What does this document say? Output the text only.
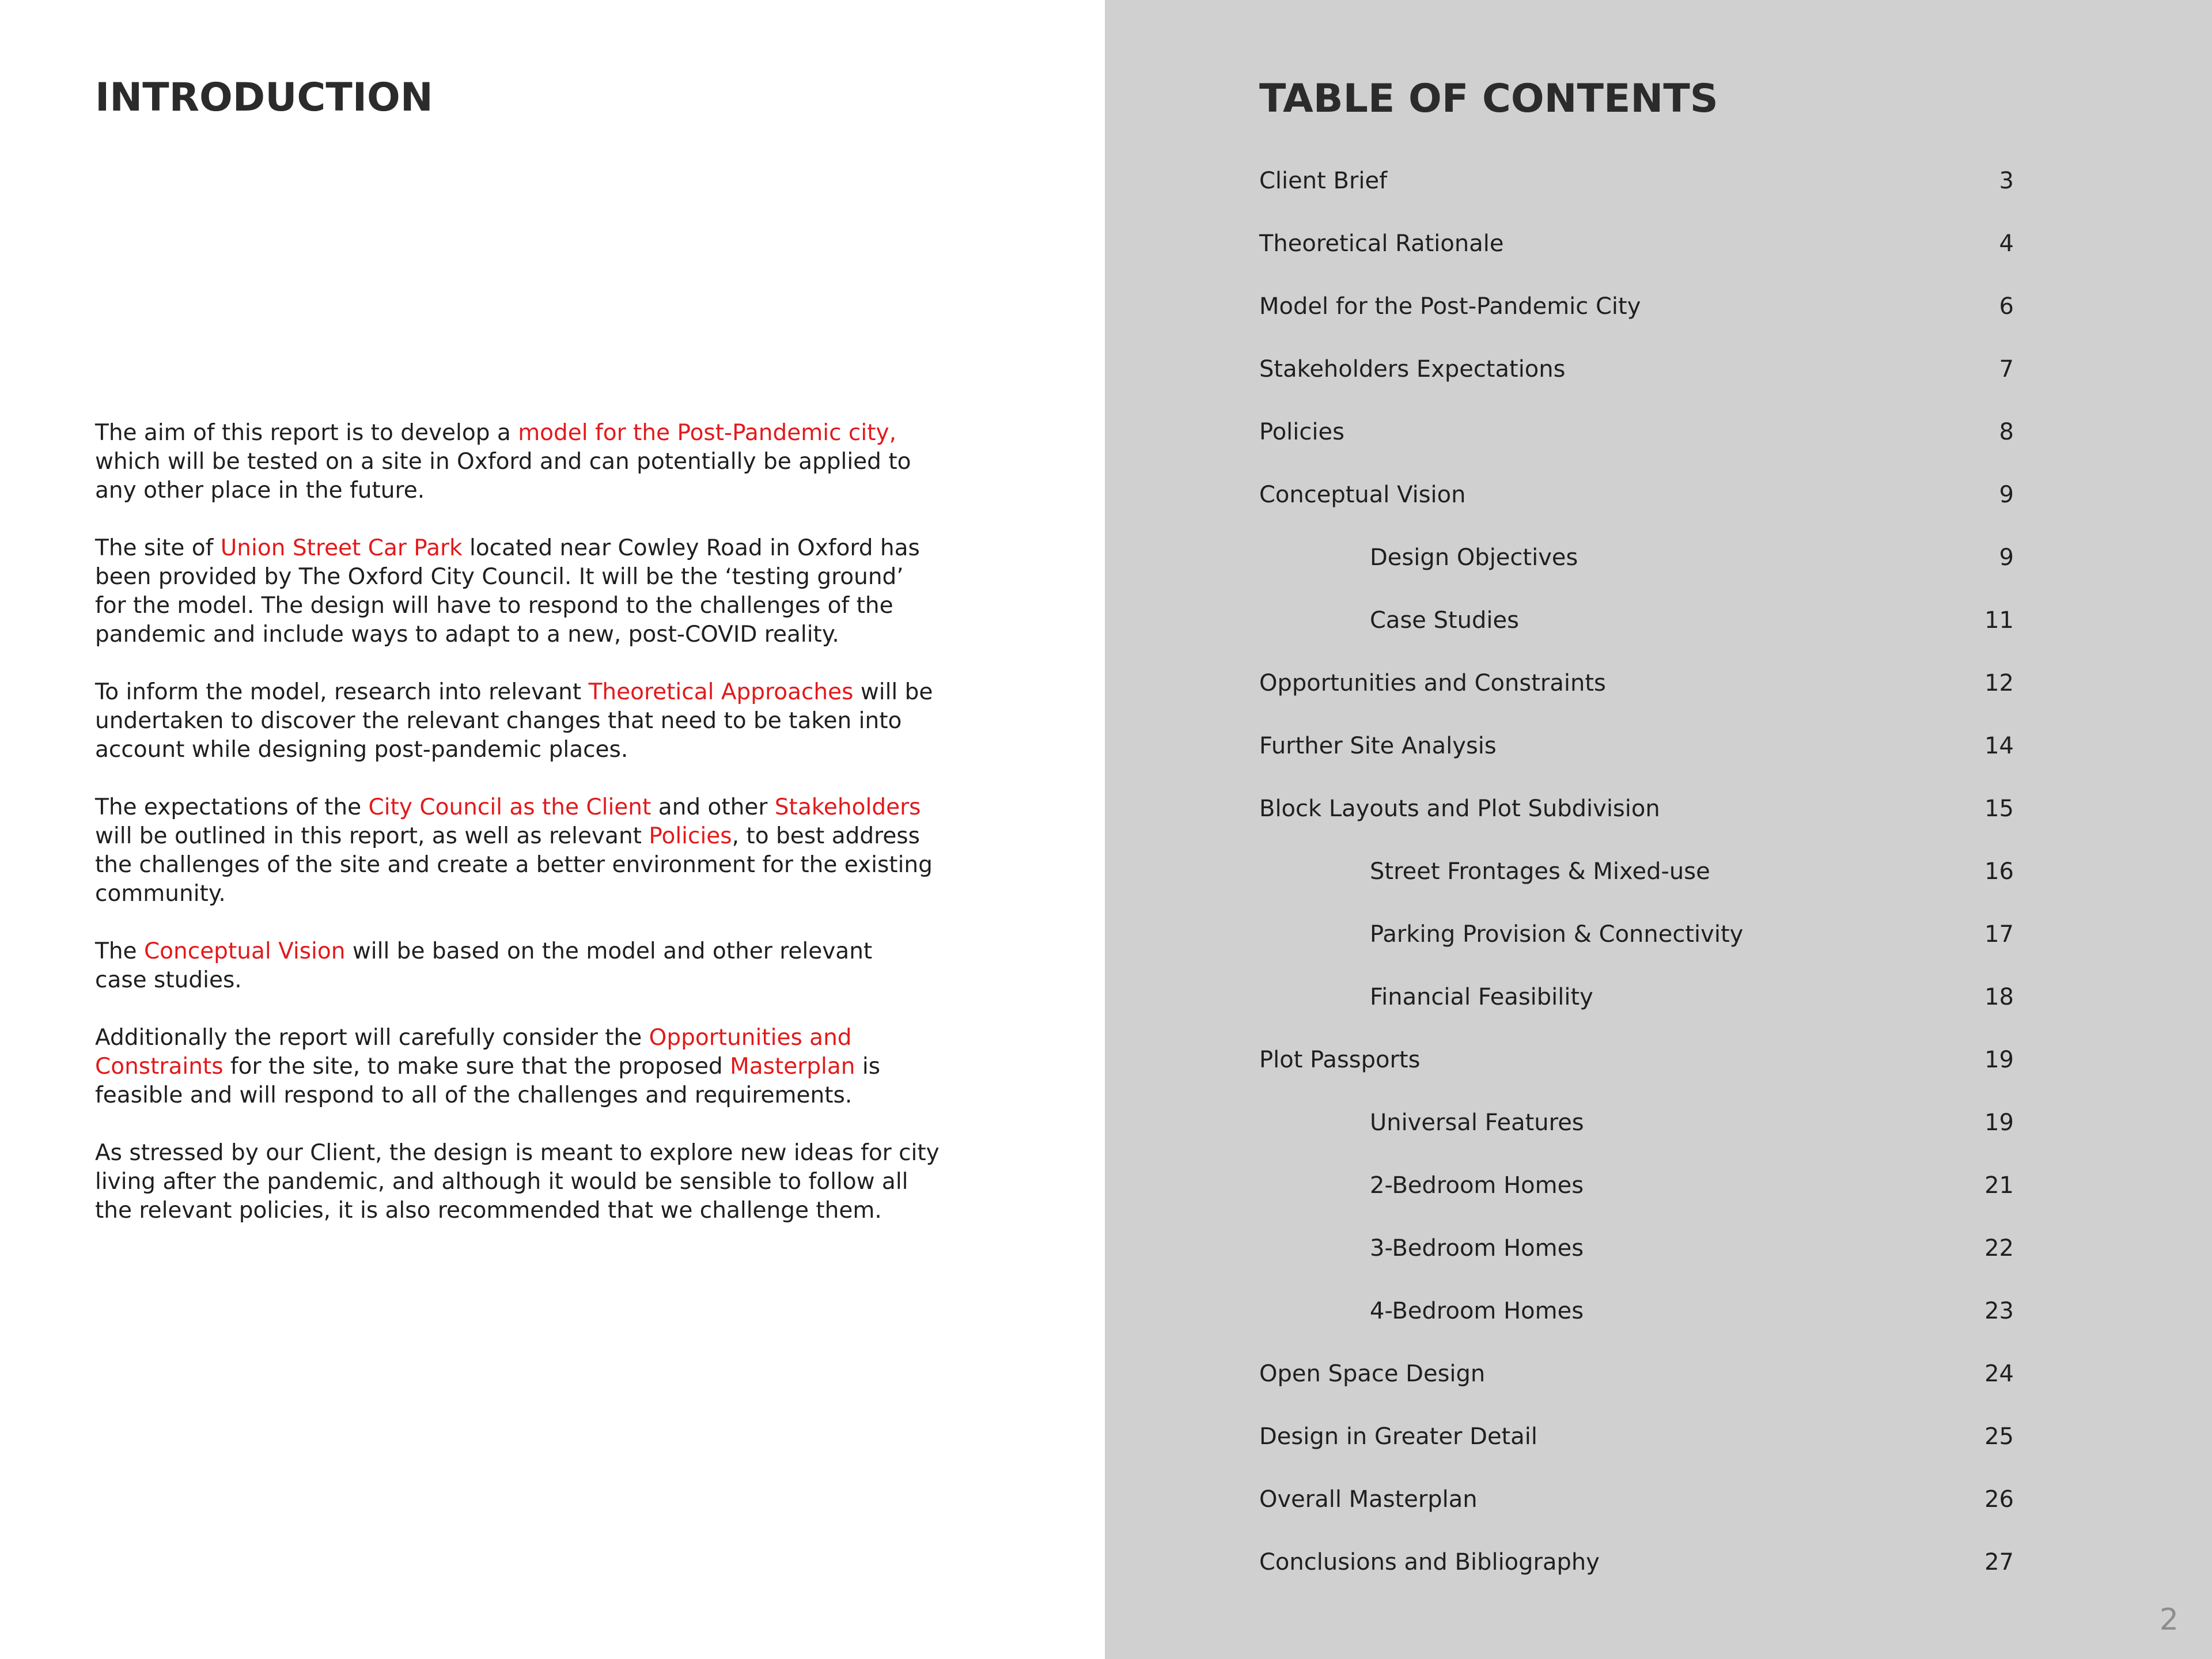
INTRODUCTION

The aim of this report is to develop a model for the Post-Pandemic city,
which will be tested on a site in Oxford and can potentially be applied to
any other place in the future.

The site of Union Street Car Park located near Cowley Road in Oxford has
been provided by The Oxford City Council. It will be the ‘testing ground’
for the model. The design will have to respond to the challenges of the
pandemic and include ways to adapt to a new, post-COVID reality.

To inform the model, research into relevant Theoretical Approaches will be
undertaken to discover the relevant changes that need to be taken into
account while designing post-pandemic places.

The expectations of the City Council as the Client and other Stakeholders
will be outlined in this report, as well as relevant Policies, to best address
the challenges of the site and create a better environment for the existing
community.

The Conceptual Vision will be based on the model and other relevant
case studies.

Additionally the report will carefully consider the Opportunities and
Constraints for the site, to make sure that the proposed Masterplan is
feasible and will respond to all of the challenges and requirements.

As stressed by our Client, the design is meant to explore new ideas for city
living after the pandemic, and although it would be sensible to follow all
the relevant policies, it is also recommended that we challenge them.

TABLE OF CONTENTS
Client Brief	3
Theoretical Rationale	4
Model for the Post-Pandemic City	6
Stakeholders Expectations	7
Policies	8
Conceptual Vision	9
Design Objectives	9
Case Studies	11
Opportunities and Constraints	12
Further Site Analysis	14
Block Layouts and Plot Subdivision	15
Street Frontages & Mixed-use	16
Parking Provision & Connectivity	17
Financial Feasibility	18
Plot Passports	19
Universal Features	19
2-Bedroom Homes	21
3-Bedroom Homes	22
4-Bedroom Homes	23
Open Space Design	24
Design in Greater Detail	25
Overall Masterplan	26
Conclusions and Bibliography	27
2
